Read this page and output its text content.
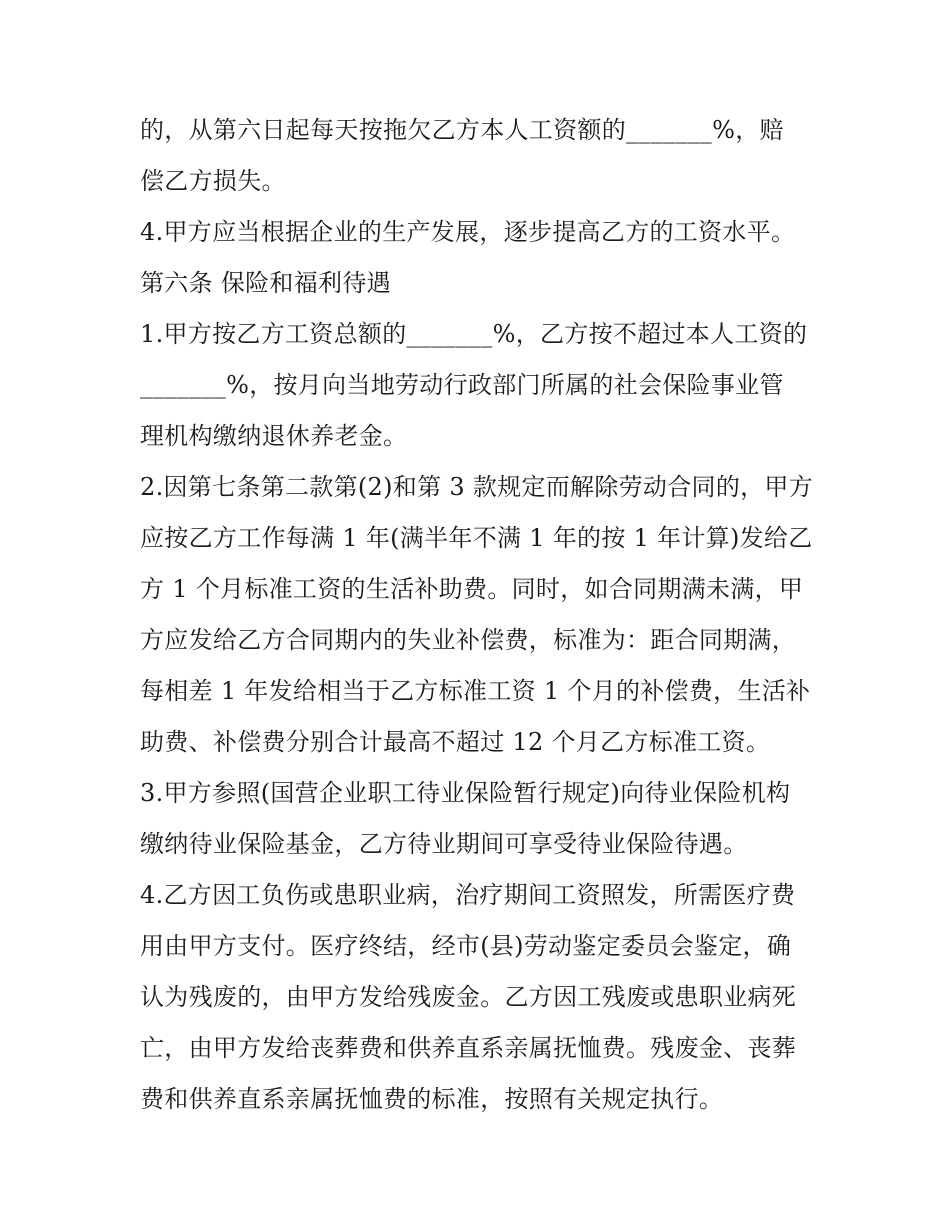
的，从第六日起每天按拖欠乙方本人工资额的_______%，赔
偿乙方损失。
4.甲方应当根据企业的生产发展，逐步提高乙方的工资水平。
第六条 保险和福利待遇
1.甲方按乙方工资总额的_______%，乙方按不超过本人工资的
_______%，按月向当地劳动行政部门所属的社会保险事业管
理机构缴纳退休养老金。
2.因第七条第二款第(2)和第 3 款规定而解除劳动合同的，甲方
应按乙方工作每满 1 年(满半年不满 1 年的按 1 年计算)发给乙
方 1 个月标准工资的生活补助费。同时，如合同期满未满，甲
方应发给乙方合同期内的失业补偿费，标准为：距合同期满，
每相差 1 年发给相当于乙方标准工资 1 个月的补偿费，生活补
助费、补偿费分别合计最高不超过 12 个月乙方标准工资。
3.甲方参照(国营企业职工待业保险暂行规定)向待业保险机构
缴纳待业保险基金，乙方待业期间可享受待业保险待遇。
4.乙方因工负伤或患职业病，治疗期间工资照发，所需医疗费
用由甲方支付。医疗终结，经市(县)劳动鉴定委员会鉴定，确
认为残废的，由甲方发给残废金。乙方因工残废或患职业病死
亡，由甲方发给丧葬费和供养直系亲属抚恤费。残废金、丧葬
费和供养直系亲属抚恤费的标准，按照有关规定执行。
